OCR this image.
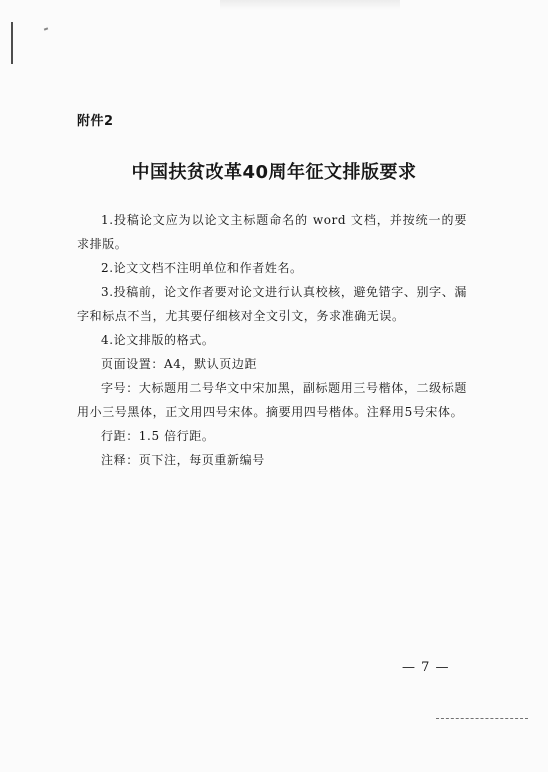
附件2
中国扶贫改革40周年征文排版要求

1.投稿论文应为以论文主标题命名的 word 文档，并按统一的要求排版。

2.论文文档不注明单位和作者姓名。

3.投稿前，论文作者要对论文进行认真校核，避免错字、别字、漏字和标点不当，尤其要仔细核对全文引文，务求准确无误。

4.论文排版的格式。

页面设置：A4，默认页边距

字号：大标题用二号华文中宋加黑，副标题用三号楷体，二级标题用小三号黑体，正文用四号宋体。摘要用四号楷体。注释用5号宋体。

行距：1.5 倍行距。

注释：页下注，每页重新编号

— 7 —
